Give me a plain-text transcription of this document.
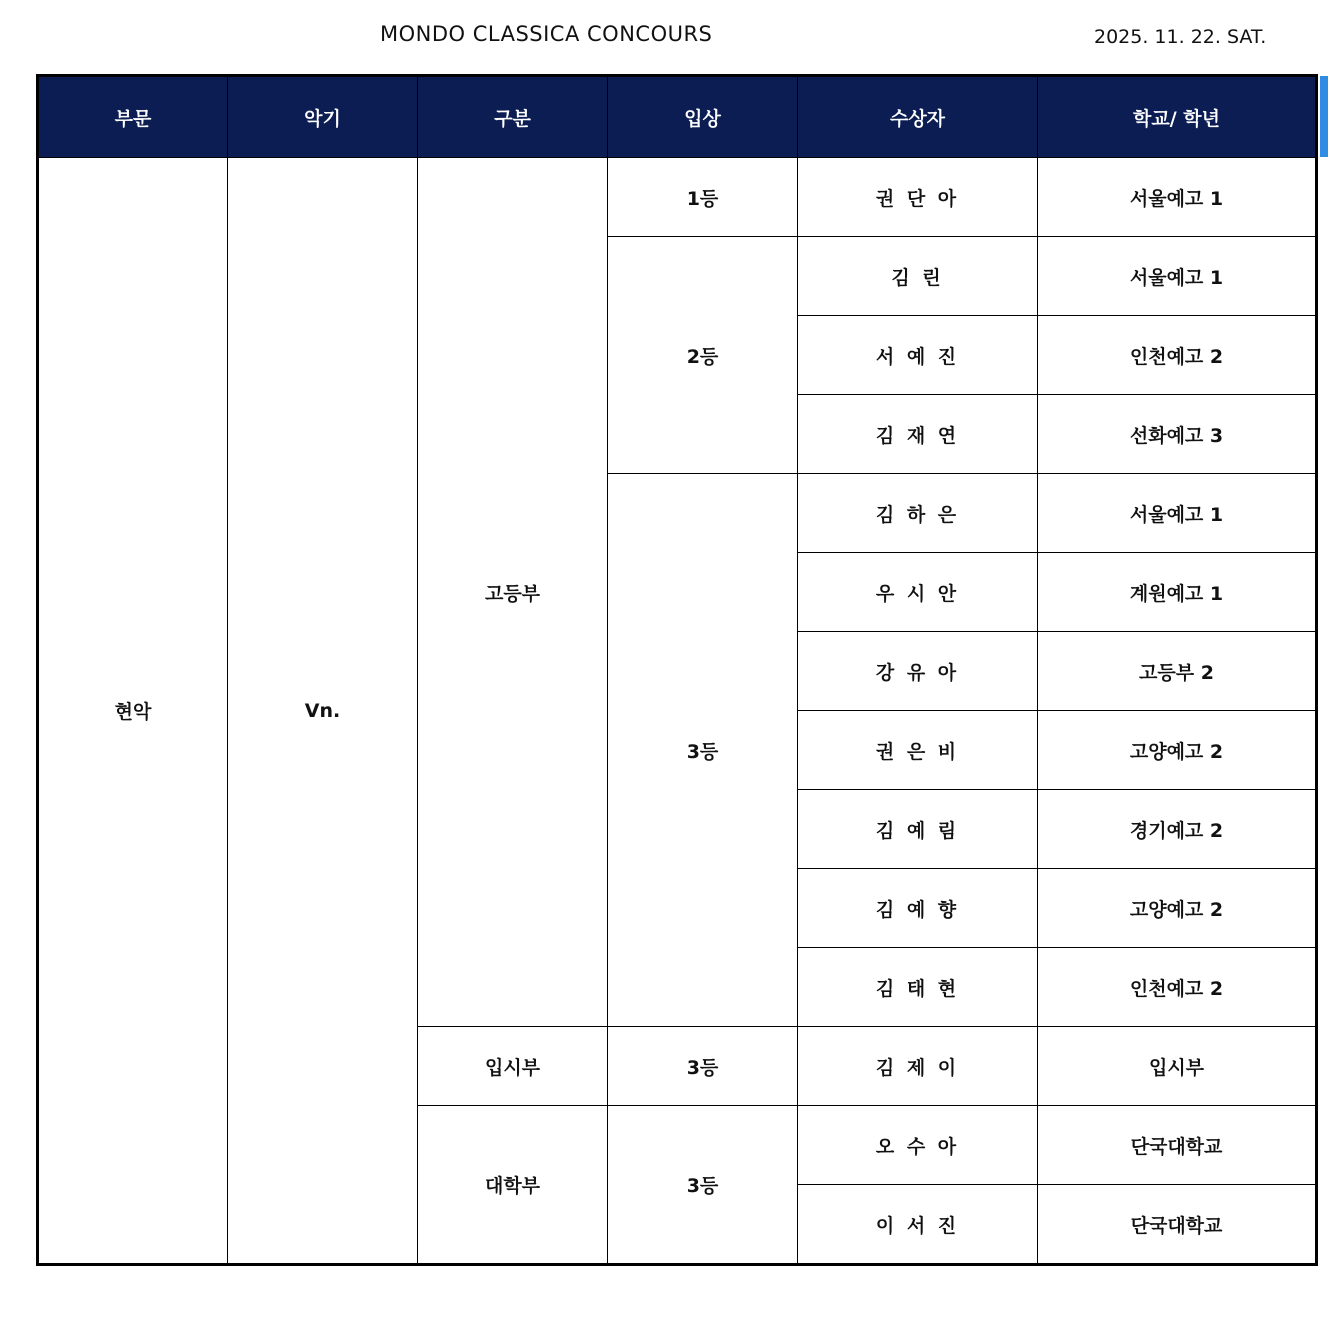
MONDO CLASSICA CONCOURS	2025. 11. 22. SAT.
부문	악기	구분	입상	수상자	학교/ 학년
현악	Vn.	고등부	1등	권 단 아	서울예고 1
			2등	김 린	서울예고 1
				서 예 진	인천예고 2
				김 재 연	선화예고 3
			3등	김 하 은	서울예고 1
				우 시 안	계원예고 1
				강 유 아	고등부 2
				권 은 비	고양예고 2
				김 예 림	경기예고 2
				김 예 향	고양예고 2
				김 태 현	인천예고 2
		입시부	3등	김 제 이	입시부
		대학부	3등	오 수 아	단국대학교
				이 서 진	단국대학교
